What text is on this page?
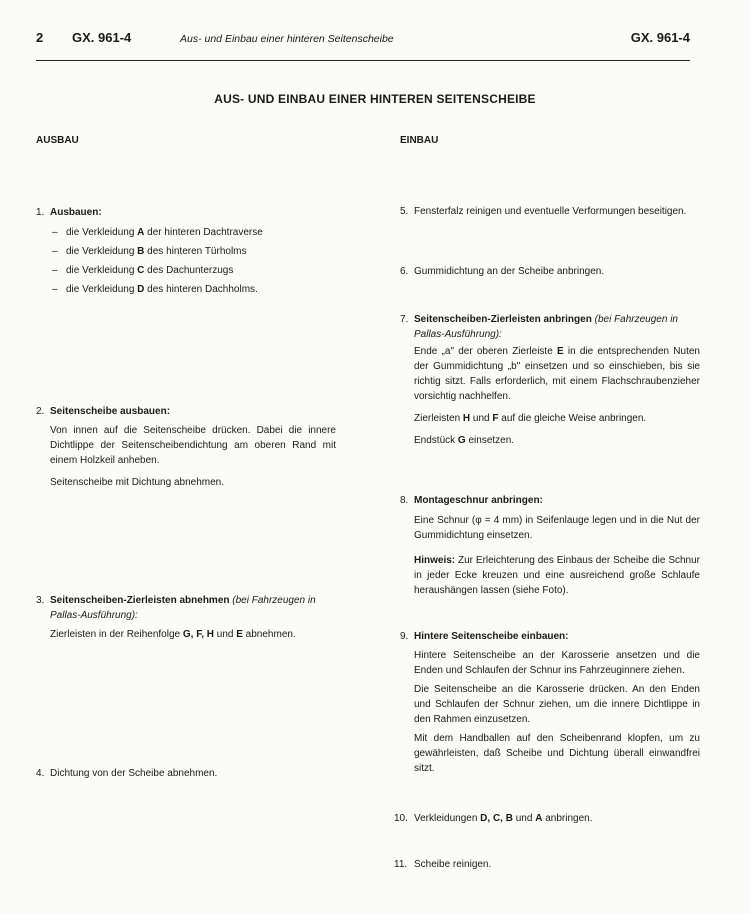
2 GX. 961-4	Aus- und Einbau einer hinteren Seitenscheibe	GX. 961-4
AUS- UND EINBAU EINER HINTEREN SEITENSCHEIBE
AUSBAU	EINBAU
1. Ausbauen:
– die Verkleidung A der hinteren Dachtraverse
– die Verkleidung B des hinteren Türholms
– die Verkleidung C des Dachunterzugs
– die Verkleidung D des hinteren Dachholms.
2. Seitenscheibe ausbauen:

Von innen auf die Seitenscheibe drücken. Dabei die innere Dichtlippe der Seitenscheibendichtung am oberen Rand mit einem Holzkeil anheben.

Seitenscheibe mit Dichtung abnehmen.

3. Seitenscheiben-Zierleisten abnehmen (bei Fahrzeugen in Pallas-Ausführung):

Zierleisten in der Reihenfolge G, F, H und E abnehmen.

4. Dichtung von der Scheibe abnehmen.
5. Fensterfalz reinigen und eventuelle Verformungen beseitigen.
6. Gummidichtung an der Scheibe anbringen.
7. Seitenscheiben-Zierleisten anbringen (bei Fahrzeugen in Pallas-Ausführung):

Ende „a" der oberen Zierleiste E in die entsprechenden Nuten der Gummidichtung „b" einsetzen und so einschieben, bis sie richtig sitzt. Falls erforderlich, mit einem Flachschraubenzieher vorsichtig nachhelfen.

Zierleisten H und F auf die gleiche Weise anbringen.

Endstück G einsetzen.

8. Montageschnur anbringen:

Eine Schnur (φ = 4 mm) in Seifenlauge legen und in die Nut der Gummidichtung einsetzen.

Hinweis: Zur Erleichterung des Einbaus der Scheibe die Schnur in jeder Ecke kreuzen und eine ausreichend große Schlaufe heraushängen lassen (siehe Foto).

9. Hintere Seitenscheibe einbauen:

Hintere Seitenscheibe an der Karosserie ansetzen und die Enden und Schlaufen der Schnur ins Fahrzeuginnere ziehen.

Die Seitenscheibe an die Karosserie drücken. An den Enden und Schlaufen der Schnur ziehen, um die innere Dichtlippe in den Rahmen einzusetzen.

Mit dem Handballen auf den Scheibenrand klopfen, um zu gewährleisten, daß Scheibe und Dichtung überall einwandfrei sitzt.

10. Verkleidungen D, C, B und A anbringen.
11. Scheibe reinigen.
